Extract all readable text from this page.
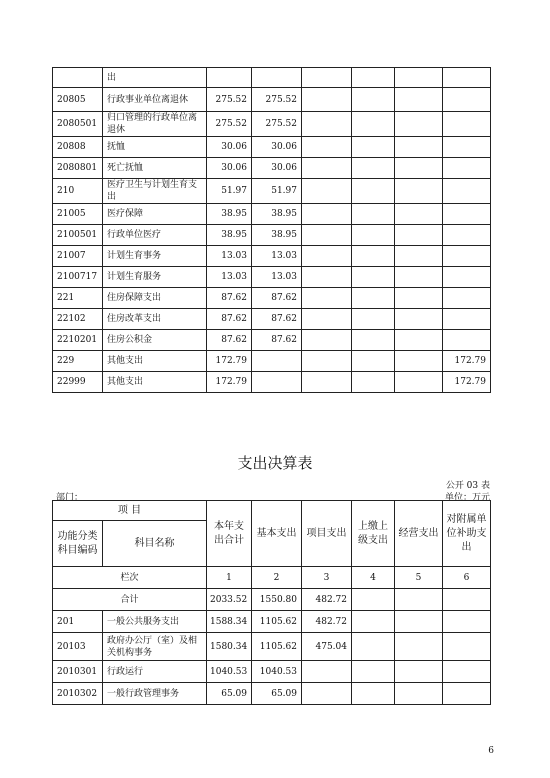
	出						
20805	行政事业单位离退休	275.52	275.52				
2080501	归口管理的行政单位离退休	275.52	275.52				
20808	抚恤	30.06	30.06				
2080801	死亡抚恤	30.06	30.06				
210	医疗卫生与计划生育支出	51.97	51.97				
21005	医疗保障	38.95	38.95				
2100501	行政单位医疗	38.95	38.95				
21007	计划生育事务	13.03	13.03				
2100717	计划生育服务	13.03	13.03				
221	住房保障支出	87.62	87.62				
22102	住房改革支出	87.62	87.62				
2210201	住房公积金	87.62	87.62				
229	其他支出	172.79					172.79
22999	其他支出	172.79					172.79
支出决算表
公开 03 表
部门：	单位：万元
项 目		本年支出合计	基本支出	项目支出	上缴上级支出	经营支出	对附属单位补助支出
功能分类科目编码	科目名称						
栏次		1	2	3	4	5	6
合计		2033.52	1550.80	482.72			
201	一般公共服务支出	1588.34	1105.62	482.72			
20103	政府办公厅（室）及相关机构事务	1580.34	1105.62	475.04			
2010301	行政运行	1040.53	1040.53				
2010302	一般行政管理事务	65.09	65.09				
6
